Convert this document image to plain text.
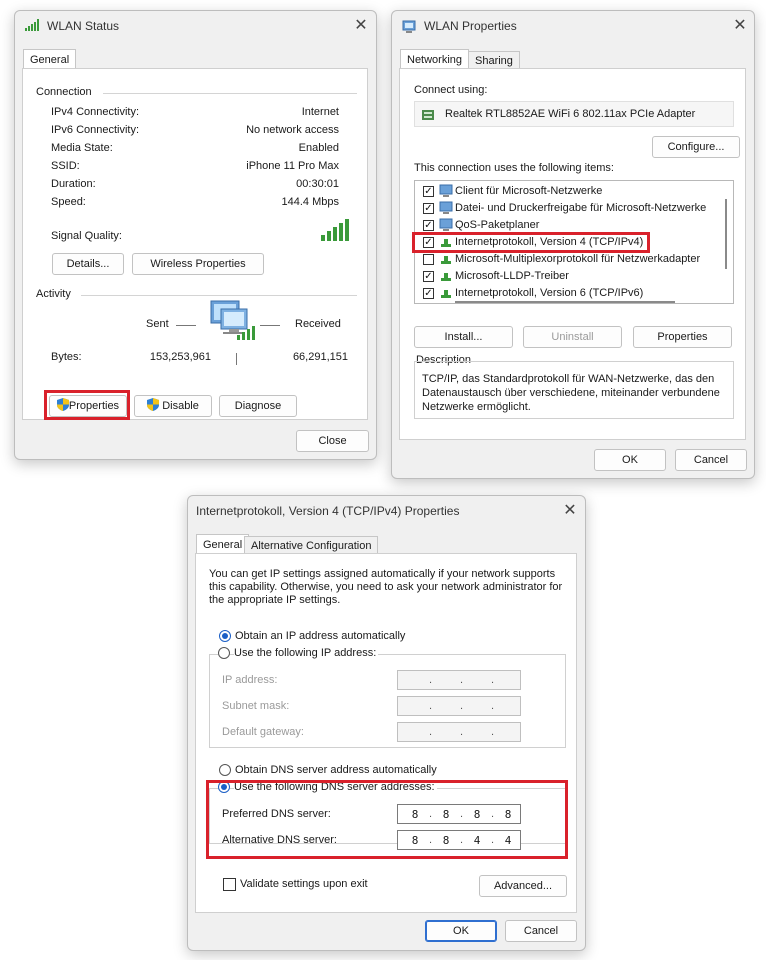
WLAN Status	✕
General
Connection
IPv4 Connectivity:	Internet
IPv6 Connectivity:	No network access
Media State:	Enabled
SSID:	iPhone 11 Pro Max
Duration:	00:30:01
Speed:	144.4 Mbps
Signal Quality:
Details...	Wireless Properties
Activity
Sent	Received
Bytes:	153,253,961	66,291,151
Properties	Disable	Diagnose
Close
WLAN Properties	✕
Networking	Sharing
Connect using:
Realtek RTL8852AE WiFi 6 802.11ax PCIe Adapter
Configure...
This connection uses the following items:
✓ Client für Microsoft-Netzwerke
✓ Datei- und Druckerfreigabe für Microsoft-Netzwerke
✓ QoS-Paketplaner
✓ Internetprotokoll, Version 4 (TCP/IPv4)
Microsoft-Multiplexorprotokoll für Netzwerkadapter
✓ Microsoft-LLDP-Treiber
✓ Internetprotokoll, Version 6 (TCP/IPv6)
Install...	Uninstall	Properties
Description
TCP/IP, das Standardprotokoll für WAN-Netzwerke, das den Datenaustausch über verschiedene, miteinander verbundene Netzwerke ermöglicht.
OK	Cancel
Internetprotokoll, Version 4 (TCP/IPv4) Properties	✕
General Alternative Configuration
You can get IP settings assigned automatically if your network supports this capability. Otherwise, you need to ask your network administrator for the appropriate IP settings.
Obtain an IP address automatically
Use the following IP address:
IP address:	.	.	.
Subnet mask:	.	.	.
Default gateway:	.	.	.
Obtain DNS server address automatically
Use the following DNS server addresses:
Preferred DNS server:	8 . 8 . 8 . 8
Alternative DNS server:	8 . 8 . 4 . 4
Validate settings upon exit	Advanced...
OK	Cancel
